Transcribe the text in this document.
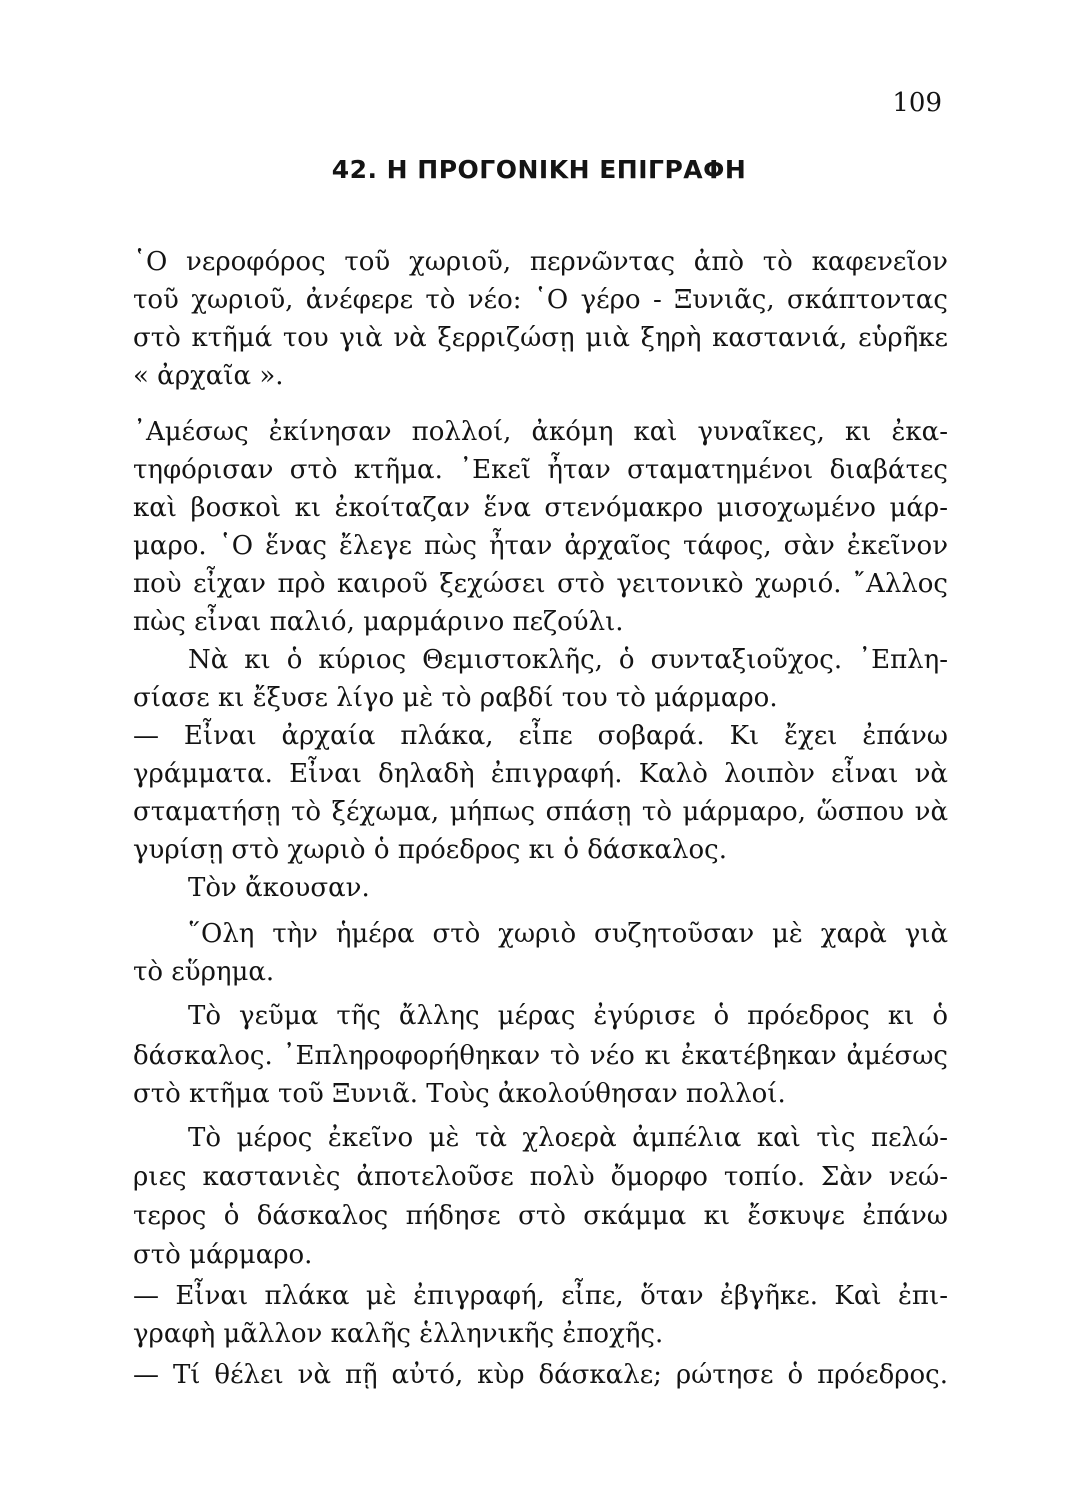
109
42. Η ΠΡΟΓΟΝΙΚΗ ΕΠΙΓΡΑΦΗ
῾Ο νεροφόρος τοῦ χωριοῦ, περνῶντας ἀπὸ τὸ καφενεῖον
τοῦ χωριοῦ, ἀνέφερε τὸ νέο: ῾Ο γέρο - Ξυνιᾶς, σκάπτοντας
στὸ κτῆμά του γιὰ νὰ ξερριζώσῃ μιὰ ξηρὴ καστανιά, εὑρῆκε
« ἀρχαῖα ».
᾿Αμέσως ἐκίνησαν πολλοί, ἀκόμη καὶ γυναῖκες, κι ἐκα-
τηφόρισαν στὸ κτῆμα. ᾿Εκεῖ ἦταν σταματημένοι διαβάτες
καὶ βοσκοὶ κι ἐκοίταζαν ἕνα στενόμακρο μισοχωμένο μάρ-
μαρο. ῾Ο ἕνας ἔλεγε πὼς ἦταν ἀρχαῖος τάφος, σὰν ἐκεῖνον
ποὺ εἶχαν πρὸ καιροῦ ξεχώσει στὸ γειτονικὸ χωριό. ῎Αλλος
πὼς εἶναι παλιό, μαρμάρινο πεζούλι.
Νὰ κι ὁ κύριος Θεμιστοκλῆς, ὁ συνταξιοῦχος. ᾿Επλη-
σίασε κι ἔξυσε λίγο μὲ τὸ ραβδί του τὸ μάρμαρο.
— Εἶναι ἀρχαία πλάκα, εἶπε σοβαρά. Κι ἔχει ἐπάνω
γράμματα. Εἶναι δηλαδὴ ἐπιγραφή. Καλὸ λοιπὸν εἶναι νὰ
σταματήσῃ τὸ ξέχωμα, μήπως σπάσῃ τὸ μάρμαρο, ὥσπου νὰ
γυρίσῃ στὸ χωριὸ ὁ πρόεδρος κι ὁ δάσκαλος.
Τὸν ἄκουσαν.
῞Ολη τὴν ἡμέρα στὸ χωριὸ συζητοῦσαν μὲ χαρὰ γιὰ
τὸ εὕρημα.
Τὸ γεῦμα τῆς ἄλλης μέρας ἐγύρισε ὁ πρόεδρος κι ὁ
δάσκαλος. ᾿Επληροφορήθηκαν τὸ νέο κι ἐκατέβηκαν ἀμέσως
στὸ κτῆμα τοῦ Ξυνιᾶ. Τοὺς ἀκολούθησαν πολλοί.
Τὸ μέρος ἐκεῖνο μὲ τὰ χλοερὰ ἀμπέλια καὶ τὶς πελώ-
ριες καστανιὲς ἀποτελοῦσε πολὺ ὄμορφο τοπίο. Σὰν νεώ-
τερος ὁ δάσκαλος πήδησε στὸ σκάμμα κι ἔσκυψε ἐπάνω
στὸ μάρμαρο.
— Εἶναι πλάκα μὲ ἐπιγραφή, εἶπε, ὅταν ἐβγῆκε. Καὶ ἐπι-
γραφὴ μᾶλλον καλῆς ἑλληνικῆς ἐποχῆς.
— Τί θέλει νὰ πῇ αὐτό, κὺρ δάσκαλε; ρώτησε ὁ πρόεδρος.
